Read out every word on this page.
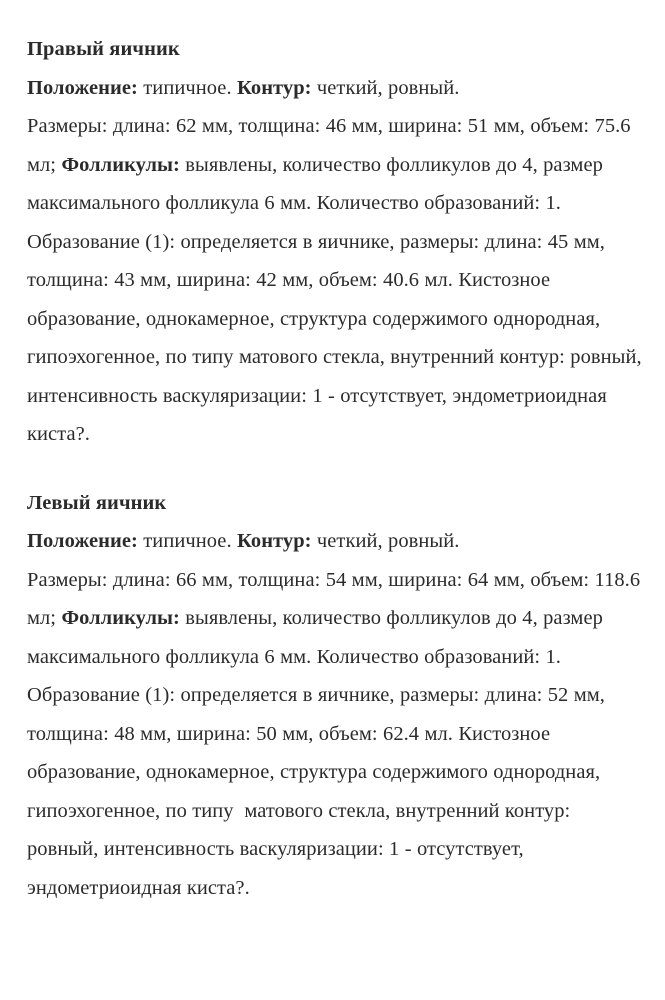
Правый яичник

Положение: типичное. Контур: четкий, ровный.
Размеры: длина: 62 мм, толщина: 46 мм, ширина: 51 мм, объем: 75.6 мл; Фолликулы: выявлены, количество фолликулов до 4, размер максимального фолликула 6 мм. Количество образований: 1. Образование (1): определяется в яичнике, размеры: длина: 45 мм, толщина: 43 мм, ширина: 42 мм, объем: 40.6 мл. Кистозное образование, однокамерное, структура содержимого однородная, гипоэхогенное, по типу матового стекла, внутренний контур: ровный, интенсивность васкуляризации: 1 - отсутствует, эндометриоидная киста?.

Левый яичник

Положение: типичное. Контур: четкий, ровный.
Размеры: длина: 66 мм, толщина: 54 мм, ширина: 64 мм, объем: 118.6 мл; Фолликулы: выявлены, количество фолликулов до 4, размер максимального фолликула 6 мм. Количество образований: 1. Образование (1): определяется в яичнике, размеры: длина: 52 мм, толщина: 48 мм, ширина: 50 мм, объем: 62.4 мл. Кистозное образование, однокамерное, структура содержимого однородная, гипоэхогенное, по типу  матового стекла, внутренний контур: ровный, интенсивность васкуляризации: 1 - отсутствует, эндометриоидная киста?.
